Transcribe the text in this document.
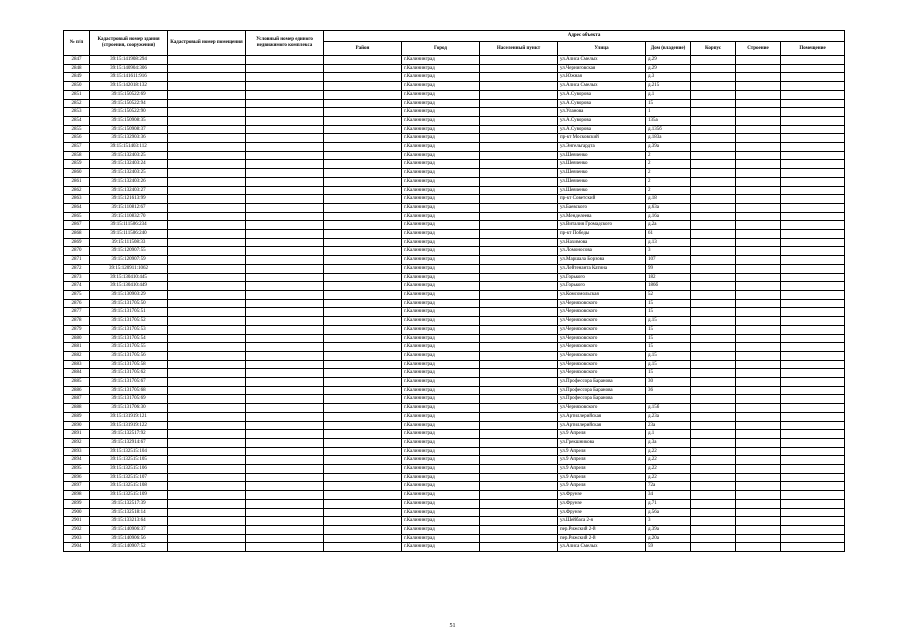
№ п/п	Кадастровый номер здания (строения, сооружения)	Кадастровый номер помещения	Условный номер единого недвижимого комплекса	Адрес объекта							
				Район	Город	Населенный пункт	Улица	Дом (владение)	Корпус	Строение	Помещение
2847	39:15:141908:294				г.Калининград		ул.Алиса Смелых	д.29			
2848	39:15:140904:306				г.Калининград		ул.Черниговская	д.29			
2849	39:15:141611:916				г.Калининград		ул.Южная	д.3			
2850	39:15:142018:132				г.Калининград		ул.Алиса Смелых	д.215			
2851	39:15:150522:69				г.Калининград		ул.А.Суворова	д.1			
2852	39:15:150522:94				г.Калининград		ул.А.Суворова	15			
2853	39:15:150522:90				г.Калининград		ул.Уланова	1			
2854	39:15:150908:35				г.Калининград		ул.А.Суворова	135а			
2855	39:15:150908:37				г.Калининград		ул.А.Суворова	д.135б			
2856	39:15:132903:36				г.Калининград		пр-кт Московский	д.183а			
2857	39:15:151403:112				г.Калининград		ул.Энгельгардта	д.39а			
2858	39:15:132403:25				г.Калининград		ул.Шевченко	2			
2859	39:15:132403:24				г.Калининград		ул.Шевченко	2			
2860	39:15:132403:25				г.Калининград		ул.Шевченко	2			
2861	39:15:132403:26				г.Калининград		ул.Шевченко	2			
2862	39:15:132403:27				г.Калининград		ул.Шевченко	2			
2863	39:15:121613:99				г.Калининград		пр-кт Советский	д.18			
2864	39:15:110812:67				г.Калининград		ул.Баевского	д.63а			
2865	39:15:110832:70				г.Калининград		ул.Менделеева	д.16а			
2867	39:15:111506:234				г.Калининград		ул.Виталия Громадского	д.2а			
2868	39:15:111506:240				г.Калининград		пр-кт Победы	61			
2869	39:15:111508:33				г.Калининград		ул.Нахимова	д.13			
2870	39:15:120907:55				г.Калининград		ул.Ломоносова	3			
2871	39:15:120907:59				г.Калининград		ул.Маршала Борзова	107			
2872	39:15:120911:1062				г.Калининград		ул.Лейтенанта Катина	99			
2873	39:15:130410:445				г.Калининград		ул.Горького	182			
2874	39:15:130410:449				г.Калининград		ул.Горького	186б			
2875	39:15:130903:29				г.Калининград		ул.Комсомольская	52			
2876	39:15:131705:50				г.Калининград		ул.Черняховского	15			
2877	39:15:131705:51				г.Калининград		ул.Черняховского	15			
2878	39:15:131705:52				г.Калининград		ул.Черняховского	д.15			
2879	39:15:131705:53				г.Калининград		ул.Черняховского	15			
2880	39:15:131705:54				г.Калининград		ул.Черняховского	15			
2881	39:15:131705:55				г.Калининград		ул.Черняховского	15			
2882	39:15:131705:56				г.Калининград		ул.Черняховского	д.15			
2883	39:15:131705:58				г.Калининград		ул.Черняховского	д.15			
2884	39:15:131705:62				г.Калининград		ул.Черняховского	15			
2885	39:15:131705:67				г.Калининград		ул.Профессора Баранова	30			
2886	39:15:131705:68				г.Калининград		ул.Профессора Баранова	36			
2887	39:15:131705:69				г.Калининград		ул.Профессора Баранова				
2888	39:15:131706:30				г.Калининград		ул.Черняховского	д.15б			
2889	39:15:131919:121				г.Калининград		ул.Артиллерийская	д.23а			
2890	39:15:131919:122				г.Калининград		ул.Артиллерийская	23а			
2891	39:15:132517:92				г.Калининград		ул.9 Апреля	д.1			
2892	39:15:132914:67				г.Калининград		ул.Грекшникова	д.3а			
2893	39:15:132515:104				г.Калининград		ул.9 Апреля	д.22			
2894	39:15:132515:105				г.Калининград		ул.9 Апреля	д.22			
2895	39:15:132515:106				г.Калининград		ул.9 Апреля	д.22			
2896	39:15:132515:107				г.Калининград		ул.9 Апреля	д.22			
2897	39:15:132515:108				г.Калининград		ул.9 Апреля	72а			
2898	39:15:132515:109				г.Калининград		ул.Фрунзе	34			
2899	39:15:132517:39				г.Калининград		ул.Фрунзе	д.71			
2900	39:15:132518:14				г.Калининград		ул.Фрунзе	д.56а			
2901	39:15:133213:64				г.Калининград		ул.Шейбаса 2-я	3			
2902	39:15:140906:37				г.Калининград		пер.Рижский 2-й	д.39а			
2903	39:15:140906:56				г.Калининград		пер.Рижский 2-й	д.20а			
2904	39:15:140907:52				г.Калининград		ул.Алиса Смелых	59			
51
